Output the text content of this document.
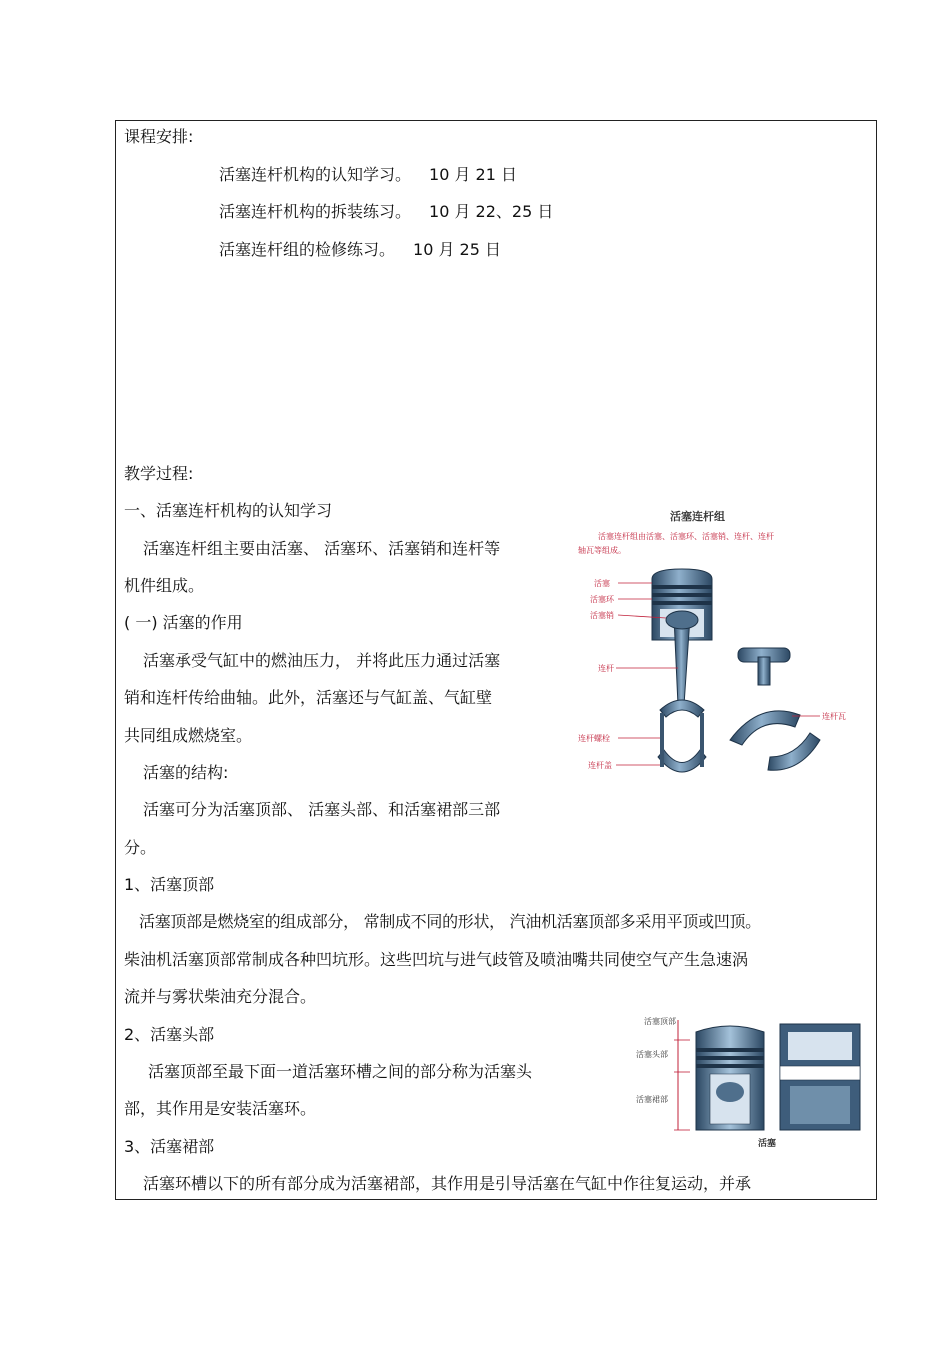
课程安排:
活塞连杆机构的认知学习。 10 月 21 日
活塞连杆机构的拆装练习。 10 月 22、25 日
活塞连杆组的检修练习。 10 月 25 日
教学过程:
一、活塞连杆机构的认知学习
活塞连杆组主要由活塞、 活塞环、活塞销和连杆等
机件组成。
( 一) 活塞的作用
活塞承受气缸中的燃油压力， 并将此压力通过活塞
销和连杆传给曲轴。此外，活塞还与气缸盖、气缸壁
共同组成燃烧室。
活塞的结构:
活塞可分为活塞顶部、 活塞头部、和活塞裙部三部
分。
1、活塞顶部
活塞顶部是燃烧室的组成部分， 常制成不同的形状， 汽油机活塞顶部多采用平顶或凹顶。
柴油机活塞顶部常制成各种凹坑形。这些凹坑与进气歧管及喷油嘴共同使空气产生急速涡
流并与雾状柴油充分混合。
2、活塞头部
活塞顶部至最下面一道活塞环槽之间的部分称为活塞头
部，其作用是安装活塞环。
3、活塞裙部
活塞环槽以下的所有部分成为活塞裙部，其作用是引导活塞在气缸中作往复运动，并承
活塞连杆组
活塞连杆组由活塞、活塞环、活塞销、连杆、连杆
轴瓦等组成。
活塞
活塞环
活塞销
连杆
连杆螺栓
连杆盖
连杆瓦
活塞顶部
活塞头部
活塞裙部
活塞
